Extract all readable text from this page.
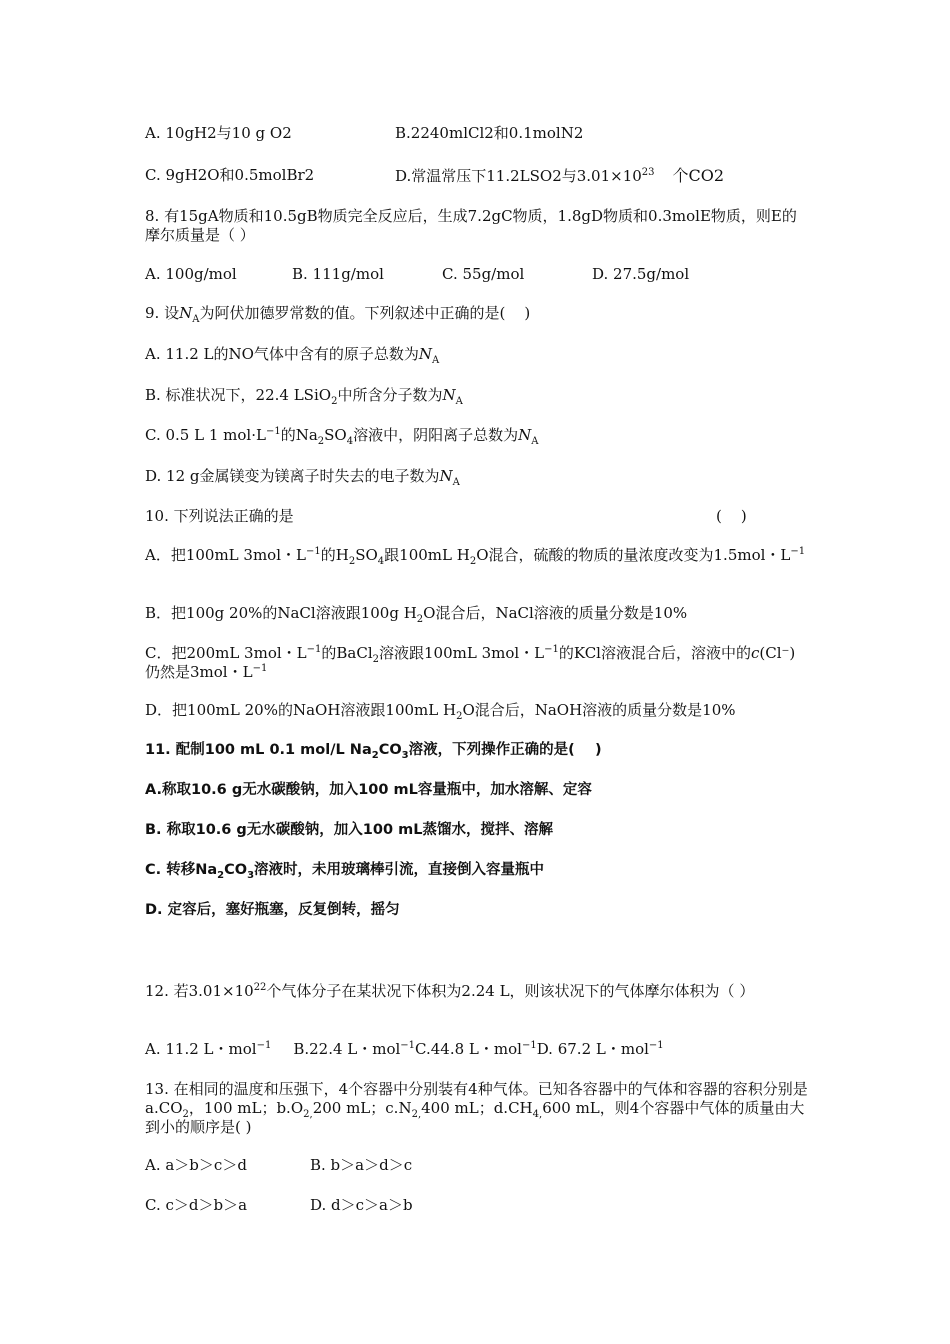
A. 10gH2与10 g O2	B.2240mlCl2和0.1molN2
C. 9gH2O和0.5molBr2	D.常温常压下11.2LSO2与$3.01\times 10^{23}$ 个CO2
8. 有15gA物质和10.5gB物质完全反应后，生成7.2gC物质，1.8gD物质和0.3molE物质，则E的摩尔质量是（ ）
A. 100g/mol	B. 111g/mol	C. 55g/mol	D. 27.5g/mol
9. 设$N_A$为阿伏加德罗常数的值。下列叙述中正确的是(    )
A. 11.2 L的NO气体中含有的原子总数为$N_A$
B. 标准状况下，22.4 LSiO$_2$中所含分子数为$N_A$
C. 0.5 L 1 $mol\cdot L^{-1}$的$Na_2SO_4$溶液中，阴阳离子总数为$N_A$
D. 12 g金属镁变为镁离子时失去的电子数为$N_A$
10. 下列说法正确的是	(    )
A．把100mL 3mol・$L^{-1}$的$H_2SO_4$跟100mL $H_2O$混合，硫酸的物质的量浓度改变为1.5mol・$L^{-1}$
B．把100g 20%的NaCl溶液跟100g $H_2O$混合后，NaCl溶液的质量分数是10%
C．把200mL 3mol・$L^{-1}$的BaCl$_2$溶液跟100mL 3mol・$L^{-1}$的KCl溶液混合后，溶液中的c(Cl⁻)仍然是3mol・$L^{-1}$
D．把100mL 20%的NaOH溶液跟100mL $H_2O$混合后，NaOH溶液的质量分数是10%
11. 配制100 mL 0.1 mol/L $Na_2CO_3$溶液，下列操作正确的是(    )
A.称取10.6 g无水碳酸钠，加入100 mL容量瓶中，加水溶解、定容
B. 称取10.6 g无水碳酸钠，加入100 mL蒸馏水，搅拌、溶解
C. 转移$Na_2CO_3$溶液时，未用玻璃棒引流，直接倒入容量瓶中
D. 定容后，塞好瓶塞，反复倒转，摇匀
12. 若$3.01\times 10^{22}$个气体分子在某状况下体积为2.24 L，则该状况下的气体摩尔体积为（ ）
A. 11.2 L・mol$^{-1}$ B.22.4 L・mol$^{-1}$C.44.8 L・mol$^{-1}$D. 67.2 L・mol$^{-1}$
13. 在相同的温度和压强下，4个容器中分别装有4种气体。已知各容器中的气体和容器的容积分别是$a.CO_2$，100 mL；$b.O_{2,}200$ mL；$c.N_{2,}400$ mL；$d.CH_{4,}600$ mL，则4个容器中气体的质量由大到小的顺序是( )
A. a＞b＞c＞d	B. b＞a＞d＞c
C. c＞d＞b＞a	D. d＞c＞a＞b
